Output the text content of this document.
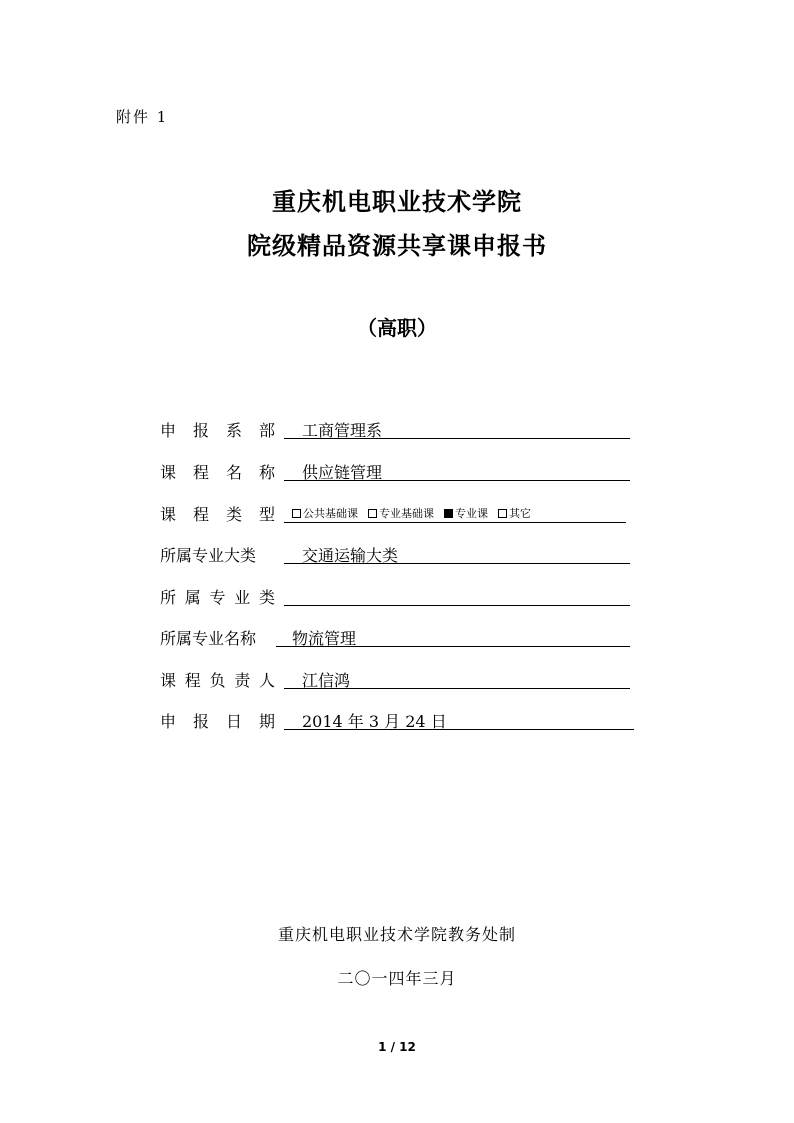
附件 1
重庆机电职业技术学院
院级精品资源共享课申报书
（高职）
申 报 系 部 工商管理系
课 程 名 称 供应链管理
课 程 类 型	公共基础课 专业基础课 专业课 其它
所属专业大类	交通运输大类
所 属 专 业 类
所属专业名称	物流管理
课 程 负 责 人 江信鸿
申 报 日 期 2014 年 3 月 24 日
重庆机电职业技术学院教务处制
二〇一四年三月
1 / 12
